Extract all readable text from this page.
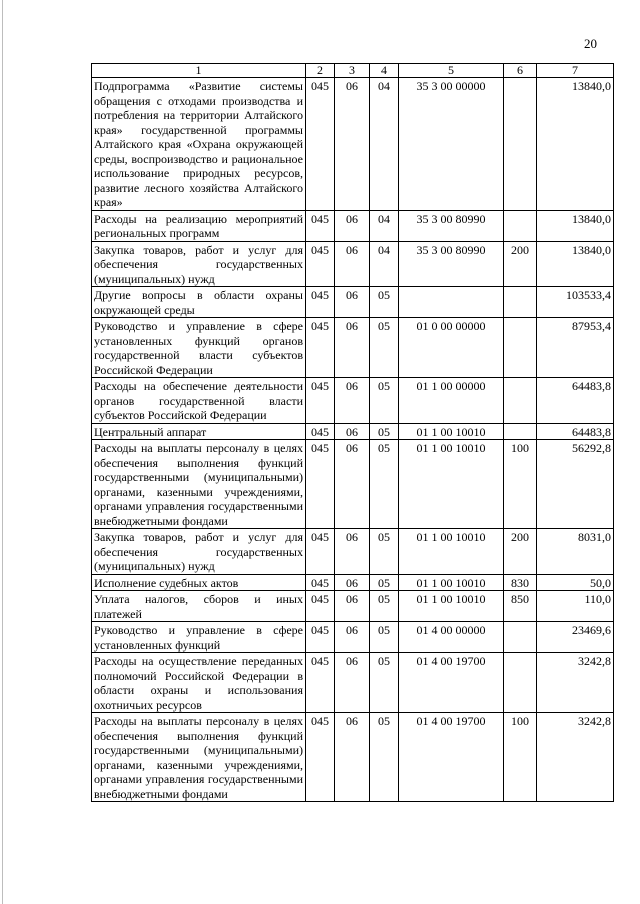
20
1	2	3	4	5	6	7
Подпрограмма «Развитие системы обращения с отходами производства и потребления на территории Алтайского края» государственной программы Алтайского края «Охрана окружающей среды, воспроизводство и рациональное использование природных ресурсов, развитие лесного хозяйства Алтайского края»	045	06	04	35 3 00 00000		13840,0
Расходы на реализацию мероприятий региональных программ	045	06	04	35 3 00 80990		13840,0
Закупка товаров, работ и услуг для обеспечения государственных (муниципальных) нужд	045	06	04	35 3 00 80990	200	13840,0
Другие вопросы в области охраны окружающей среды	045	06	05			103533,4
Руководство и управление в сфере установленных функций органов государственной власти субъектов Российской Федерации	045	06	05	01 0 00 00000		87953,4
Расходы на обеспечение деятельности органов государственной власти субъектов Российской Федерации	045	06	05	01 1 00 00000		64483,8
Центральный аппарат	045	06	05	01 1 00 10010		64483,8
Расходы на выплаты персоналу в целях обеспечения выполнения функций государственными (муниципальными) органами, казенными учреждениями, органами управления государственными внебюджетными фондами	045	06	05	01 1 00 10010	100	56292,8
Закупка товаров, работ и услуг для обеспечения государственных (муниципальных) нужд	045	06	05	01 1 00 10010	200	8031,0
Исполнение судебных актов	045	06	05	01 1 00 10010	830	50,0
Уплата налогов, сборов и иных платежей	045	06	05	01 1 00 10010	850	110,0
Руководство и управление в сфере установленных функций	045	06	05	01 4 00 00000		23469,6
Расходы на осуществление переданных полномочий Российской Федерации в области охраны и использования охотничьих ресурсов	045	06	05	01 4 00 19700		3242,8
Расходы на выплаты персоналу в целях обеспечения выполнения функций государственными (муниципальными) органами, казенными учреждениями, органами управления государственными внебюджетными фондами	045	06	05	01 4 00 19700	100	3242,8
